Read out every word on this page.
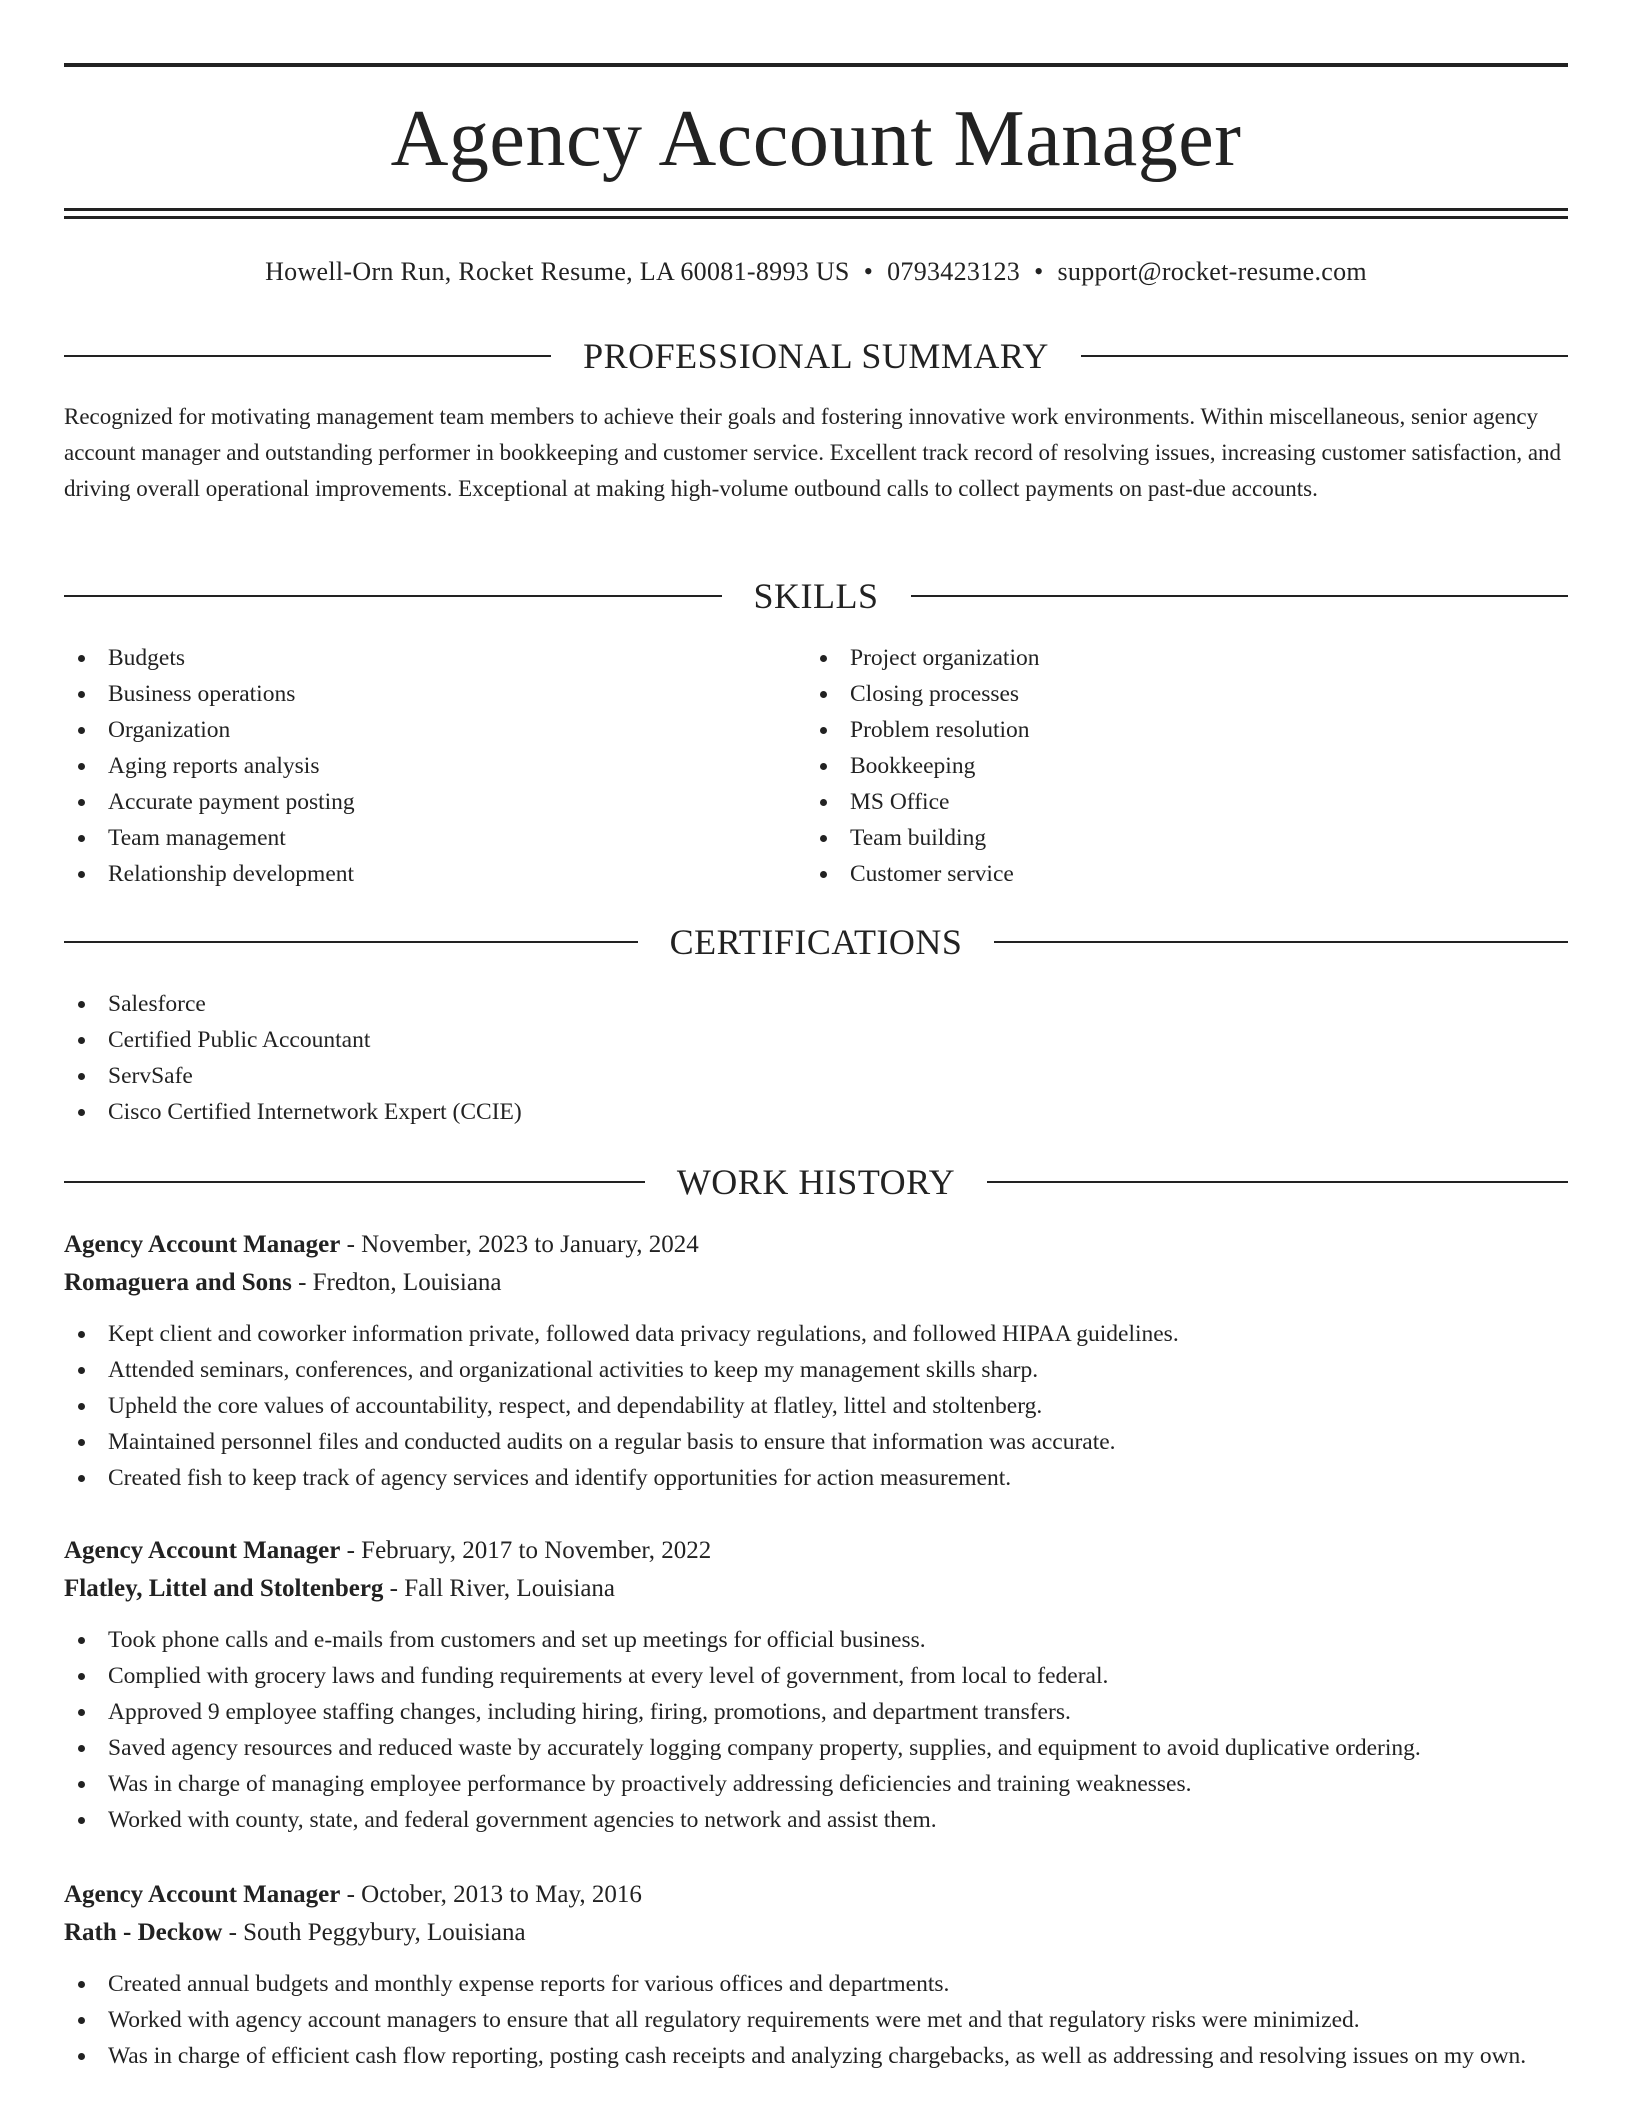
Agency Account Manager
Howell-Orn Run, Rocket Resume, LA 60081-8993 US • 0793423123 • support@rocket-resume.com
PROFESSIONAL SUMMARY

Recognized for motivating management team members to achieve their goals and fostering innovative work environments. Within miscellaneous, senior agency account manager and outstanding performer in bookkeeping and customer service. Excellent track record of resolving issues, increasing customer satisfaction, and driving overall operational improvements. Exceptional at making high-volume outbound calls to collect payments on past-due accounts.

SKILLS
Budgets
Business operations
Organization
Aging reports analysis
Accurate payment posting
Team management
Relationship development
Project organization
Closing processes
Problem resolution
Bookkeeping
MS Office
Team building
Customer service
CERTIFICATIONS
Salesforce
Certified Public Accountant
ServSafe
Cisco Certified Internetwork Expert (CCIE)
WORK HISTORY

Agency Account Manager - November, 2023 to January, 2024

Romaguera and Sons - Fredton, Louisiana

Kept client and coworker information private, followed data privacy regulations, and followed HIPAA guidelines.
Attended seminars, conferences, and organizational activities to keep my management skills sharp.
Upheld the core values of accountability, respect, and dependability at flatley, littel and stoltenberg.
Maintained personnel files and conducted audits on a regular basis to ensure that information was accurate.
Created fish to keep track of agency services and identify opportunities for action measurement.

Agency Account Manager - February, 2017 to November, 2022

Flatley, Littel and Stoltenberg - Fall River, Louisiana

Took phone calls and e-mails from customers and set up meetings for official business.
Complied with grocery laws and funding requirements at every level of government, from local to federal.
Approved 9 employee staffing changes, including hiring, firing, promotions, and department transfers.
Saved agency resources and reduced waste by accurately logging company property, supplies, and equipment to avoid duplicative ordering.
Was in charge of managing employee performance by proactively addressing deficiencies and training weaknesses.
Worked with county, state, and federal government agencies to network and assist them.

Agency Account Manager - October, 2013 to May, 2016

Rath - Deckow - South Peggybury, Louisiana

Created annual budgets and monthly expense reports for various offices and departments.
Worked with agency account managers to ensure that all regulatory requirements were met and that regulatory risks were minimized.
Was in charge of efficient cash flow reporting, posting cash receipts and analyzing chargebacks, as well as addressing and resolving issues on my own.
